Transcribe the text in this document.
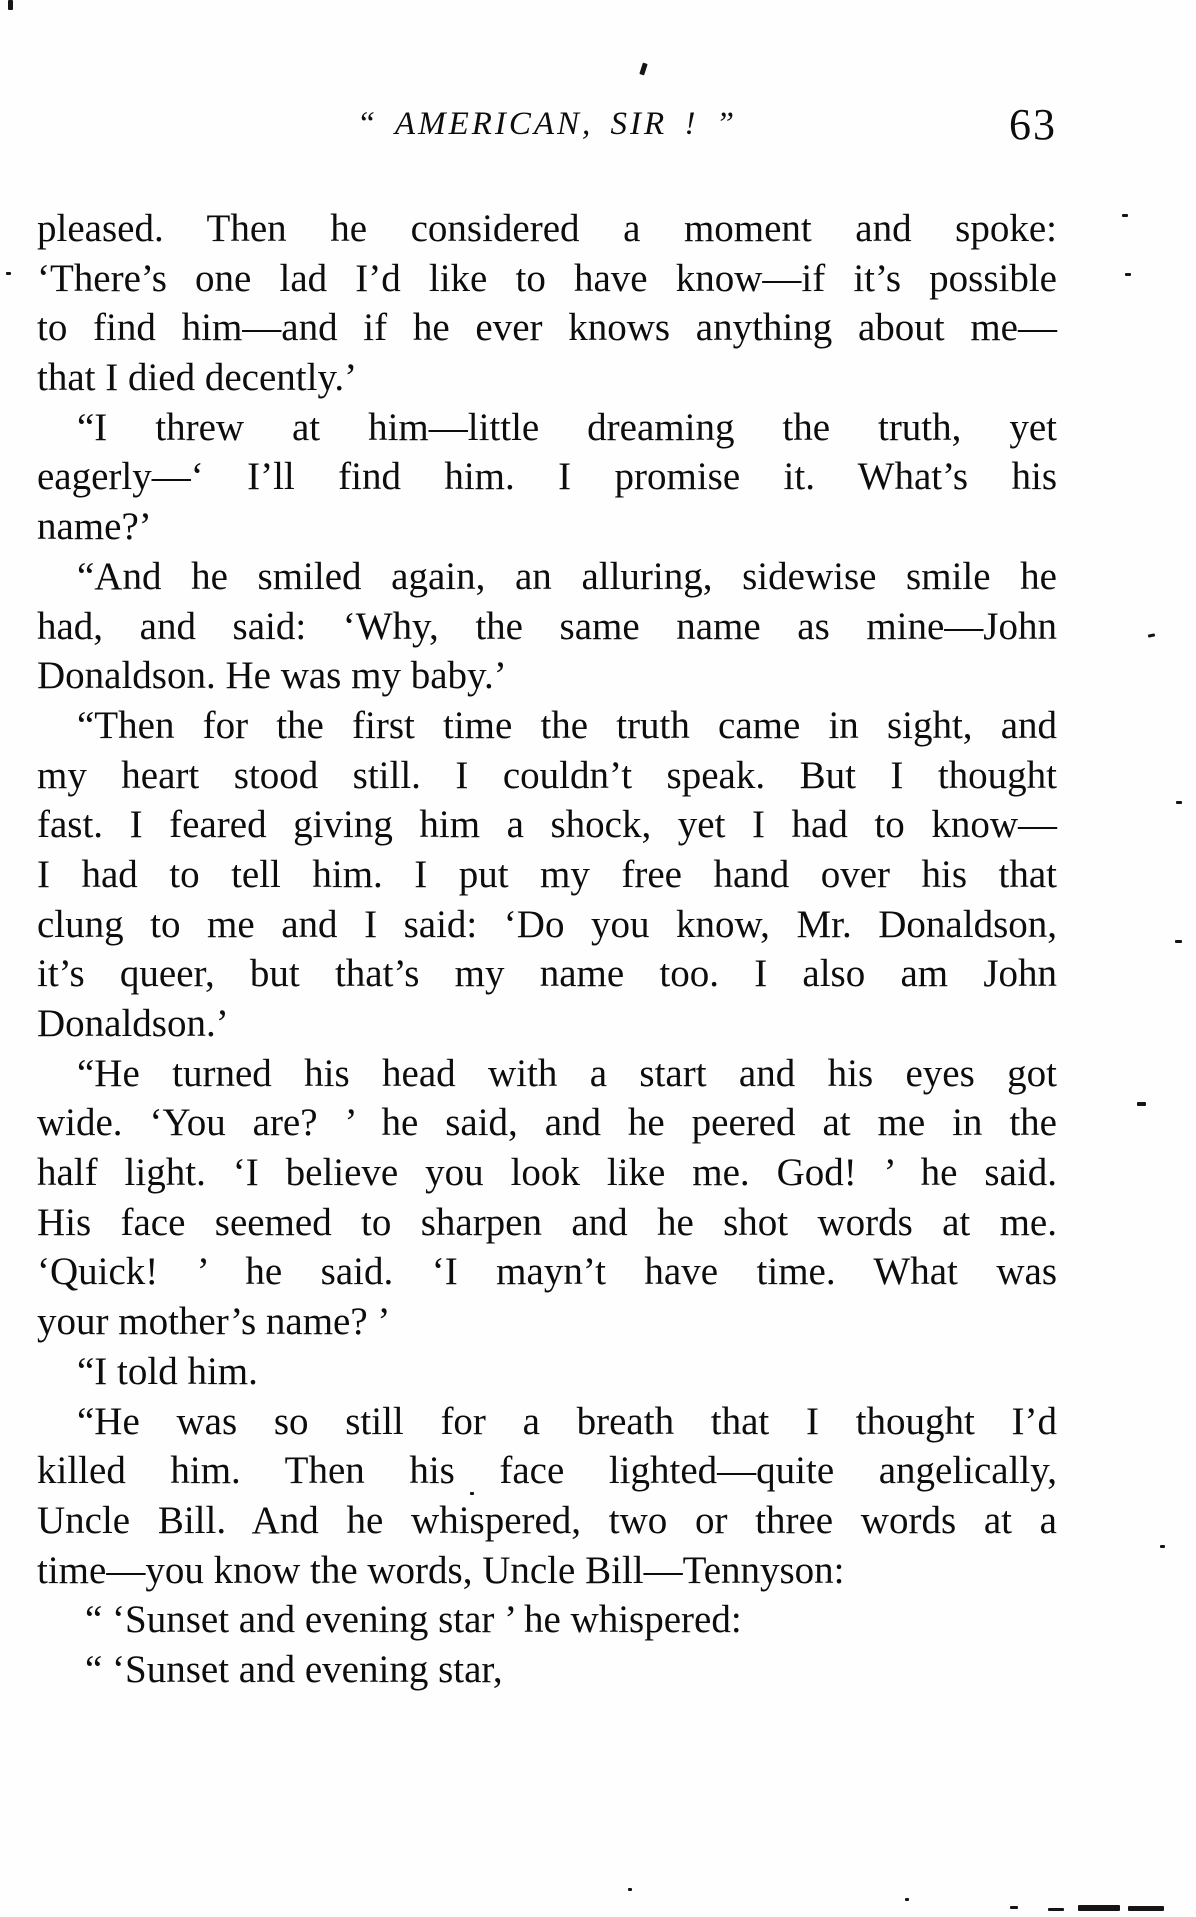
“ AMERICAN, SIR ! ”	63
pleased. Then he considered a moment and spoke:
‘There’s one lad I’d like to have know—if it’s possible
to find him—and if he ever knows anything about me—
that I died decently.’
“I threw at him—little dreaming the truth, yet
eagerly—‘ I’ll find him. I promise it. What’s his
name?’
“And he smiled again, an alluring, sidewise smile he
had, and said: ‘Why, the same name as mine—John
Donaldson. He was my baby.’
“Then for the first time the truth came in sight, and
my heart stood still. I couldn’t speak. But I thought
fast. I feared giving him a shock, yet I had to know—
I had to tell him. I put my free hand over his that
clung to me and I said: ‘Do you know, Mr. Donaldson,
it’s queer, but that’s my name too. I also am John
Donaldson.’
“He turned his head with a start and his eyes got
wide. ‘You are? ’ he said, and he peered at me in the
half light. ‘I believe you look like me. God! ’ he said.
His face seemed to sharpen and he shot words at me.
‘Quick! ’ he said. ‘I mayn’t have time. What was
your mother’s name? ’
“I told him.
“He was so still for a breath that I thought I’d
killed him. Then his face lighted—quite angelically,
Uncle Bill. And he whispered, two or three words at a
time—you know the words, Uncle Bill—Tennyson:
“ ‘Sunset and evening star ’ he whispered:
“ ‘Sunset and evening star,
